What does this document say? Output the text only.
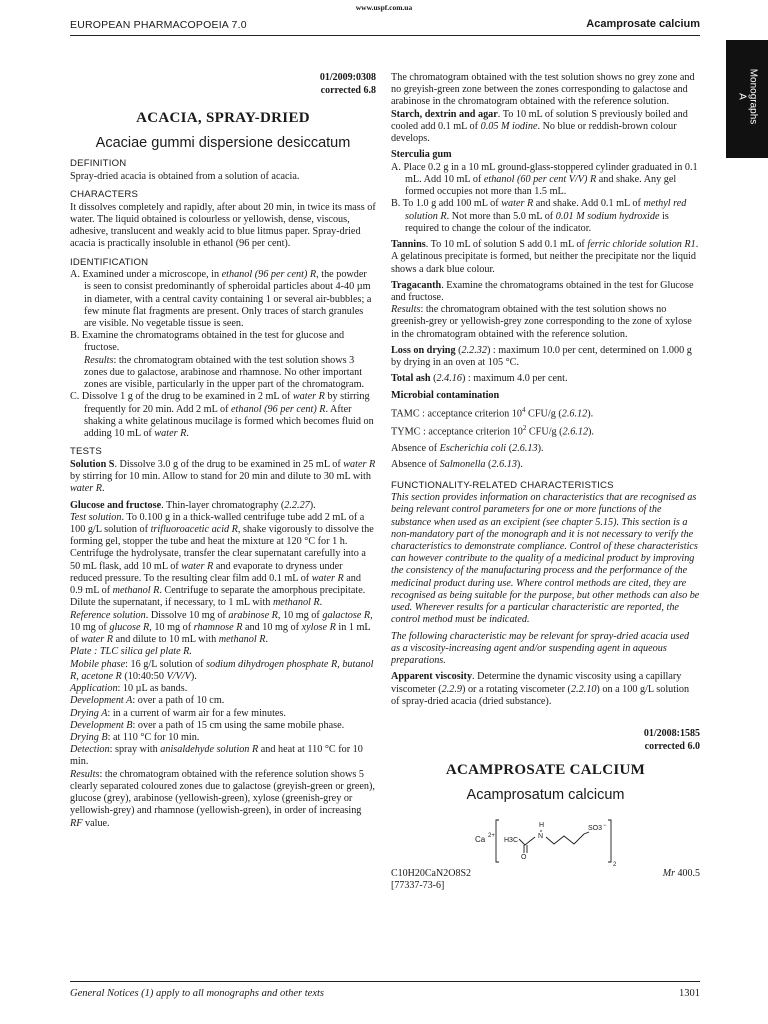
www.uspf.com.ua
EUROPEAN PHARMACOPOEIA 7.0	Acamprosate calcium
Monographs
A
01/2009:0308
corrected 6.8
ACACIA, SPRAY-DRIED
Acaciae gummi dispersione desiccatum
DEFINITION

Spray-dried acacia is obtained from a solution of acacia.

CHARACTERS

It dissolves completely and rapidly, after about 20 min, in twice its mass of water. The liquid obtained is colourless or yellowish, dense, viscous, adhesive, translucent and weakly acid to blue litmus paper. Spray-dried acacia is practically insoluble in ethanol (96 per cent).

IDENTIFICATION

A. Examined under a microscope, in ethanol (96 per cent) R, the powder is seen to consist predominantly of spheroidal particles about 4-40 µm in diameter, with a central cavity containing 1 or several air-bubbles; a few minute flat fragments are present. Only traces of starch granules are visible. No vegetable tissue is seen.

B. Examine the chromatograms obtained in the test for glucose and fructose.

Results: the chromatogram obtained with the test solution shows 3 zones due to galactose, arabinose and rhamnose. No other important zones are visible, particularly in the upper part of the chromatogram.

C. Dissolve 1 g of the drug to be examined in 2 mL of water R by stirring frequently for 20 min. Add 2 mL of ethanol (96 per cent) R. After shaking a white gelatinous mucilage is formed which becomes fluid on adding 10 mL of water R.

TESTS

Solution S. Dissolve 3.0 g of the drug to be examined in 25 mL of water R by stirring for 10 min. Allow to stand for 20 min and dilute to 30 mL with water R.

Glucose and fructose. Thin-layer chromatography (2.2.27).

Test solution. To 0.100 g in a thick-walled centrifuge tube add 2 mL of a 100 g/L solution of trifluoroacetic acid R, shake vigorously to dissolve the forming gel, stopper the tube and heat the mixture at 120 °C for 1 h. Centrifuge the hydrolysate, transfer the clear supernatant carefully into a 50 mL flask, add 10 mL of water R and evaporate to dryness under reduced pressure. To the resulting clear film add 0.1 mL of water R and 0.9 mL of methanol R. Centrifuge to separate the amorphous precipitate. Dilute the supernatant, if necessary, to 1 mL with methanol R.

Reference solution. Dissolve 10 mg of arabinose R, 10 mg of galactose R, 10 mg of glucose R, 10 mg of rhamnose R and 10 mg of xylose R in 1 mL of water R and dilute to 10 mL with methanol R.

Plate : TLC silica gel plate R.

Mobile phase: 16 g/L solution of sodium dihydrogen phosphate R, butanol R, acetone R (10:40:50 V/V/V).

Application: 10 µL as bands.

Development A: over a path of 10 cm.

Drying A: in a current of warm air for a few minutes.

Development B: over a path of 15 cm using the same mobile phase.

Drying B: at 110 °C for 10 min.

Detection: spray with anisaldehyde solution R and heat at 110 °C for 10 min.

Results: the chromatogram obtained with the reference solution shows 5 clearly separated coloured zones due to galactose (greyish-green or green), glucose (grey), arabinose (yellowish-green), xylose (greenish-grey or yellowish-grey) and rhamnose (yellowish-green), in order of increasing RF value.

The chromatogram obtained with the test solution shows no grey zone and no greyish-green zone between the zones corresponding to galactose and arabinose in the chromatogram obtained with the reference solution.

Starch, dextrin and agar. To 10 mL of solution S previously boiled and cooled add 0.1 mL of 0.05 M iodine. No blue or reddish-brown colour develops.

Sterculia gum

A. Place 0.2 g in a 10 mL ground-glass-stoppered cylinder graduated in 0.1 mL. Add 10 mL of ethanol (60 per cent V/V) R and shake. Any gel formed occupies not more than 1.5 mL.

B. To 1.0 g add 100 mL of water R and shake. Add 0.1 mL of methyl red solution R. Not more than 5.0 mL of 0.01 M sodium hydroxide is required to change the colour of the indicator.

Tannins. To 10 mL of solution S add 0.1 mL of ferric chloride solution R1. A gelatinous precipitate is formed, but neither the precipitate nor the liquid shows a dark blue colour.

Tragacanth. Examine the chromatograms obtained in the test for Glucose and fructose.

Results: the chromatogram obtained with the test solution shows no greenish-grey or yellowish-grey zone corresponding to the zone of xylose in the chromatogram obtained with the reference solution.

Loss on drying (2.2.32) : maximum 10.0 per cent, determined on 1.000 g by drying in an oven at 105 °C.

Total ash (2.4.16) : maximum 4.0 per cent.

Microbial contamination

TAMC : acceptance criterion $10^4$ CFU/g (2.6.12).

TYMC : acceptance criterion $10^2$ CFU/g (2.6.12).

Absence of Escherichia coli (2.6.13).

Absence of Salmonella (2.6.13).

FUNCTIONALITY-RELATED CHARACTERISTICS

This section provides information on characteristics that are recognised as being relevant control parameters for one or more functions of the substance when used as an excipient (see chapter 5.15). This section is a non-mandatory part of the monograph and it is not necessary to verify the characteristics to demonstrate compliance. Control of these characteristics can however contribute to the quality of a medicinal product by improving the consistency of the manufacturing process and the performance of the medicinal product during use. Where control methods are cited, they are recognised as being suitable for the purpose, but other methods can also be used. Wherever results for a particular characteristic are reported, the control method must be indicated.

The following characteristic may be relevant for spray-dried acacia used as a viscosity-increasing agent and/or suspending agent in aqueous preparations.

Apparent viscosity. Determine the dynamic viscosity using a capillary viscometer (2.2.9) or a rotating viscometer (2.2.10) on a 100 g/L solution of spray-dried acacia (dried substance).

01/2008:1585
corrected 6.0
ACAMPROSATE CALCIUM
Acamprosatum calcicum
Ca 2+
H3C
H
N
O
SO3 −
2
C10H20CaN2O8S2	Mr 400.5
[77337-73-6]
General Notices (1) apply to all monographs and other texts	1301
